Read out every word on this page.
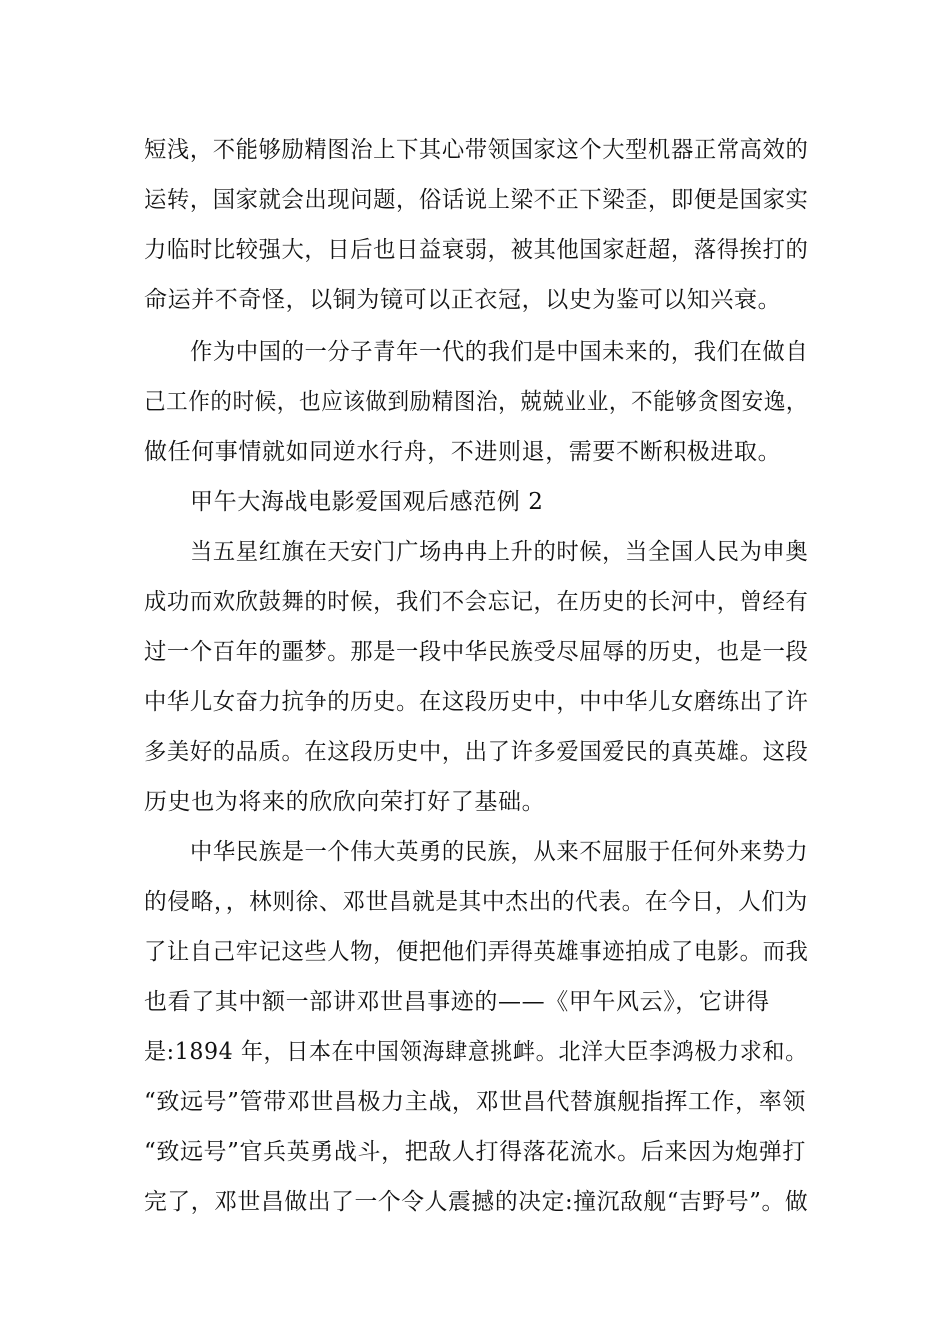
短浅，不能够励精图治上下其心带领国家这个大型机器正常高效的
运转，国家就会出现问题，俗话说上梁不正下梁歪，即便是国家实
力临时比较强大，日后也日益衰弱，被其他国家赶超，落得挨打的
命运并不奇怪，以铜为镜可以正衣冠，以史为鉴可以知兴衰。
作为中国的一分子青年一代的我们是中国未来的，我们在做自
己工作的时候，也应该做到励精图治，兢兢业业，不能够贪图安逸，
做任何事情就如同逆水行舟，不进则退，需要不断积极进取。
甲午大海战电影爱国观后感范例 2
当五星红旗在天安门广场冉冉上升的时候，当全国人民为申奥
成功而欢欣鼓舞的时候，我们不会忘记，在历史的长河中，曾经有
过一个百年的噩梦。那是一段中华民族受尽屈辱的历史，也是一段
中华儿女奋力抗争的历史。在这段历史中，中中华儿女磨练出了许
多美好的品质。在这段历史中，出了许多爱国爱民的真英雄。这段
历史也为将来的欣欣向荣打好了基础。
中华民族是一个伟大英勇的民族，从来不屈服于任何外来势力
的侵略，，林则徐、邓世昌就是其中杰出的代表。在今日，人们为
了让自己牢记这些人物，便把他们弄得英雄事迹拍成了电影。而我
也看了其中额一部讲邓世昌事迹的——《甲午风云》，它讲得
是:1894 年，日本在中国领海肆意挑衅。北洋大臣李鸿极力求和。
“致远号”管带邓世昌极力主战，邓世昌代替旗舰指挥工作，率领
“致远号”官兵英勇战斗，把敌人打得落花流水。后来因为炮弹打
完了，邓世昌做出了一个令人震撼的决定:撞沉敌舰“吉野号”。做
